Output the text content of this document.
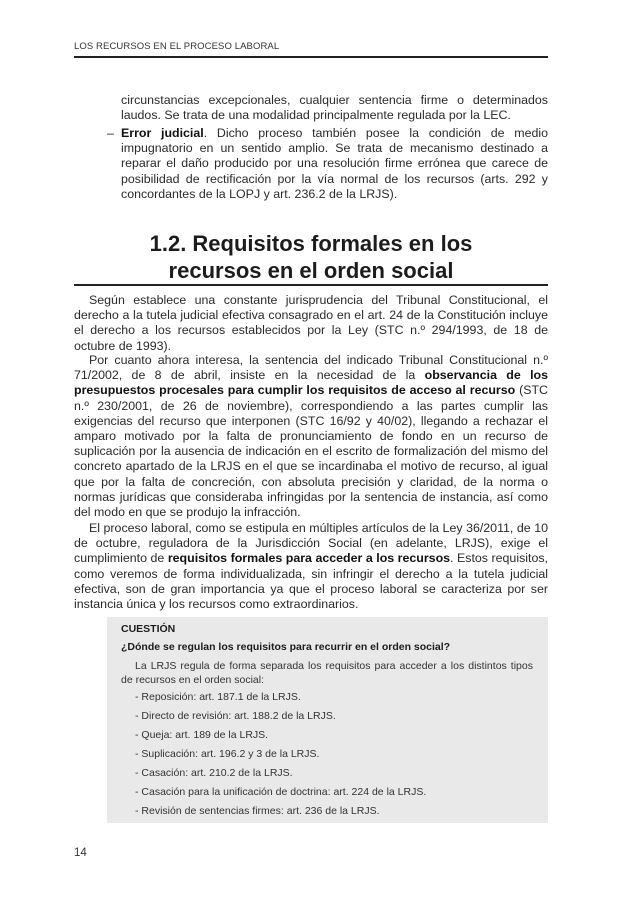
LOS RECURSOS EN EL PROCESO LABORAL

circunstancias excepcionales, cualquier sentencia firme o determinados laudos. Se trata de una modalidad principalmente regulada por la LEC.

– Error judicial. Dicho proceso también posee la condición de medio impugnatorio en un sentido amplio. Se trata de mecanismo destinado a reparar el daño producido por una resolución firme errónea que carece de posibilidad de rectificación por la vía normal de los recursos (arts. 292 y concordantes de la LOPJ y art. 236.2 de la LRJS).

1.2. Requisitos formales en los
recursos en el orden social

Según establece una constante jurisprudencia del Tribunal Constitucional, el derecho a la tutela judicial efectiva consagrado en el art. 24 de la Constitución incluye el derecho a los recursos establecidos por la Ley (STC n.º 294/1993, de 18 de octubre de 1993).

Por cuanto ahora interesa, la sentencia del indicado Tribunal Constitucional n.º 71/2002, de 8 de abril, insiste en la necesidad de la observancia de los presupuestos procesales para cumplir los requisitos de acceso al recurso (STC n.º 230/2001, de 26 de noviembre), correspondiendo a las partes cumplir las exigencias del recurso que interponen (STC 16/92 y 40/02), llegando a rechazar el amparo motivado por la falta de pronunciamiento de fondo en un recurso de suplicación por la ausencia de indicación en el escrito de formalización del mismo del concreto apartado de la LRJS en el que se incardinaba el motivo de recurso, al igual que por la falta de concreción, con absoluta precisión y claridad, de la norma o normas jurídicas que consideraba infringidas por la sentencia de instancia, así como del modo en que se produjo la infracción.

El proceso laboral, como se estipula en múltiples artículos de la Ley 36/2011, de 10 de octubre, reguladora de la Jurisdicción Social (en adelante, LRJS), exige el cumplimiento de requisitos formales para acceder a los recursos. Estos requisitos, como veremos de forma individualizada, sin infringir el derecho a la tutela judicial efectiva, son de gran importancia ya que el proceso laboral se caracteriza por ser instancia única y los recursos como extraordinarios.

CUESTIÓN
¿Dónde se regulan los requisitos para recurrir en el orden social?

La LRJS regula de forma separada los requisitos para acceder a los distintos tipos de recursos en el orden social:

- Reposición: art. 187.1 de la LRJS.
- Directo de revisión: art. 188.2 de la LRJS.
- Queja: art. 189 de la LRJS.
- Suplicación: art. 196.2 y 3 de la LRJS.
- Casación: art. 210.2 de la LRJS.
- Casación para la unificación de doctrina: art. 224 de la LRJS.
- Revisión de sentencias firmes: art. 236 de la LRJS.
14
